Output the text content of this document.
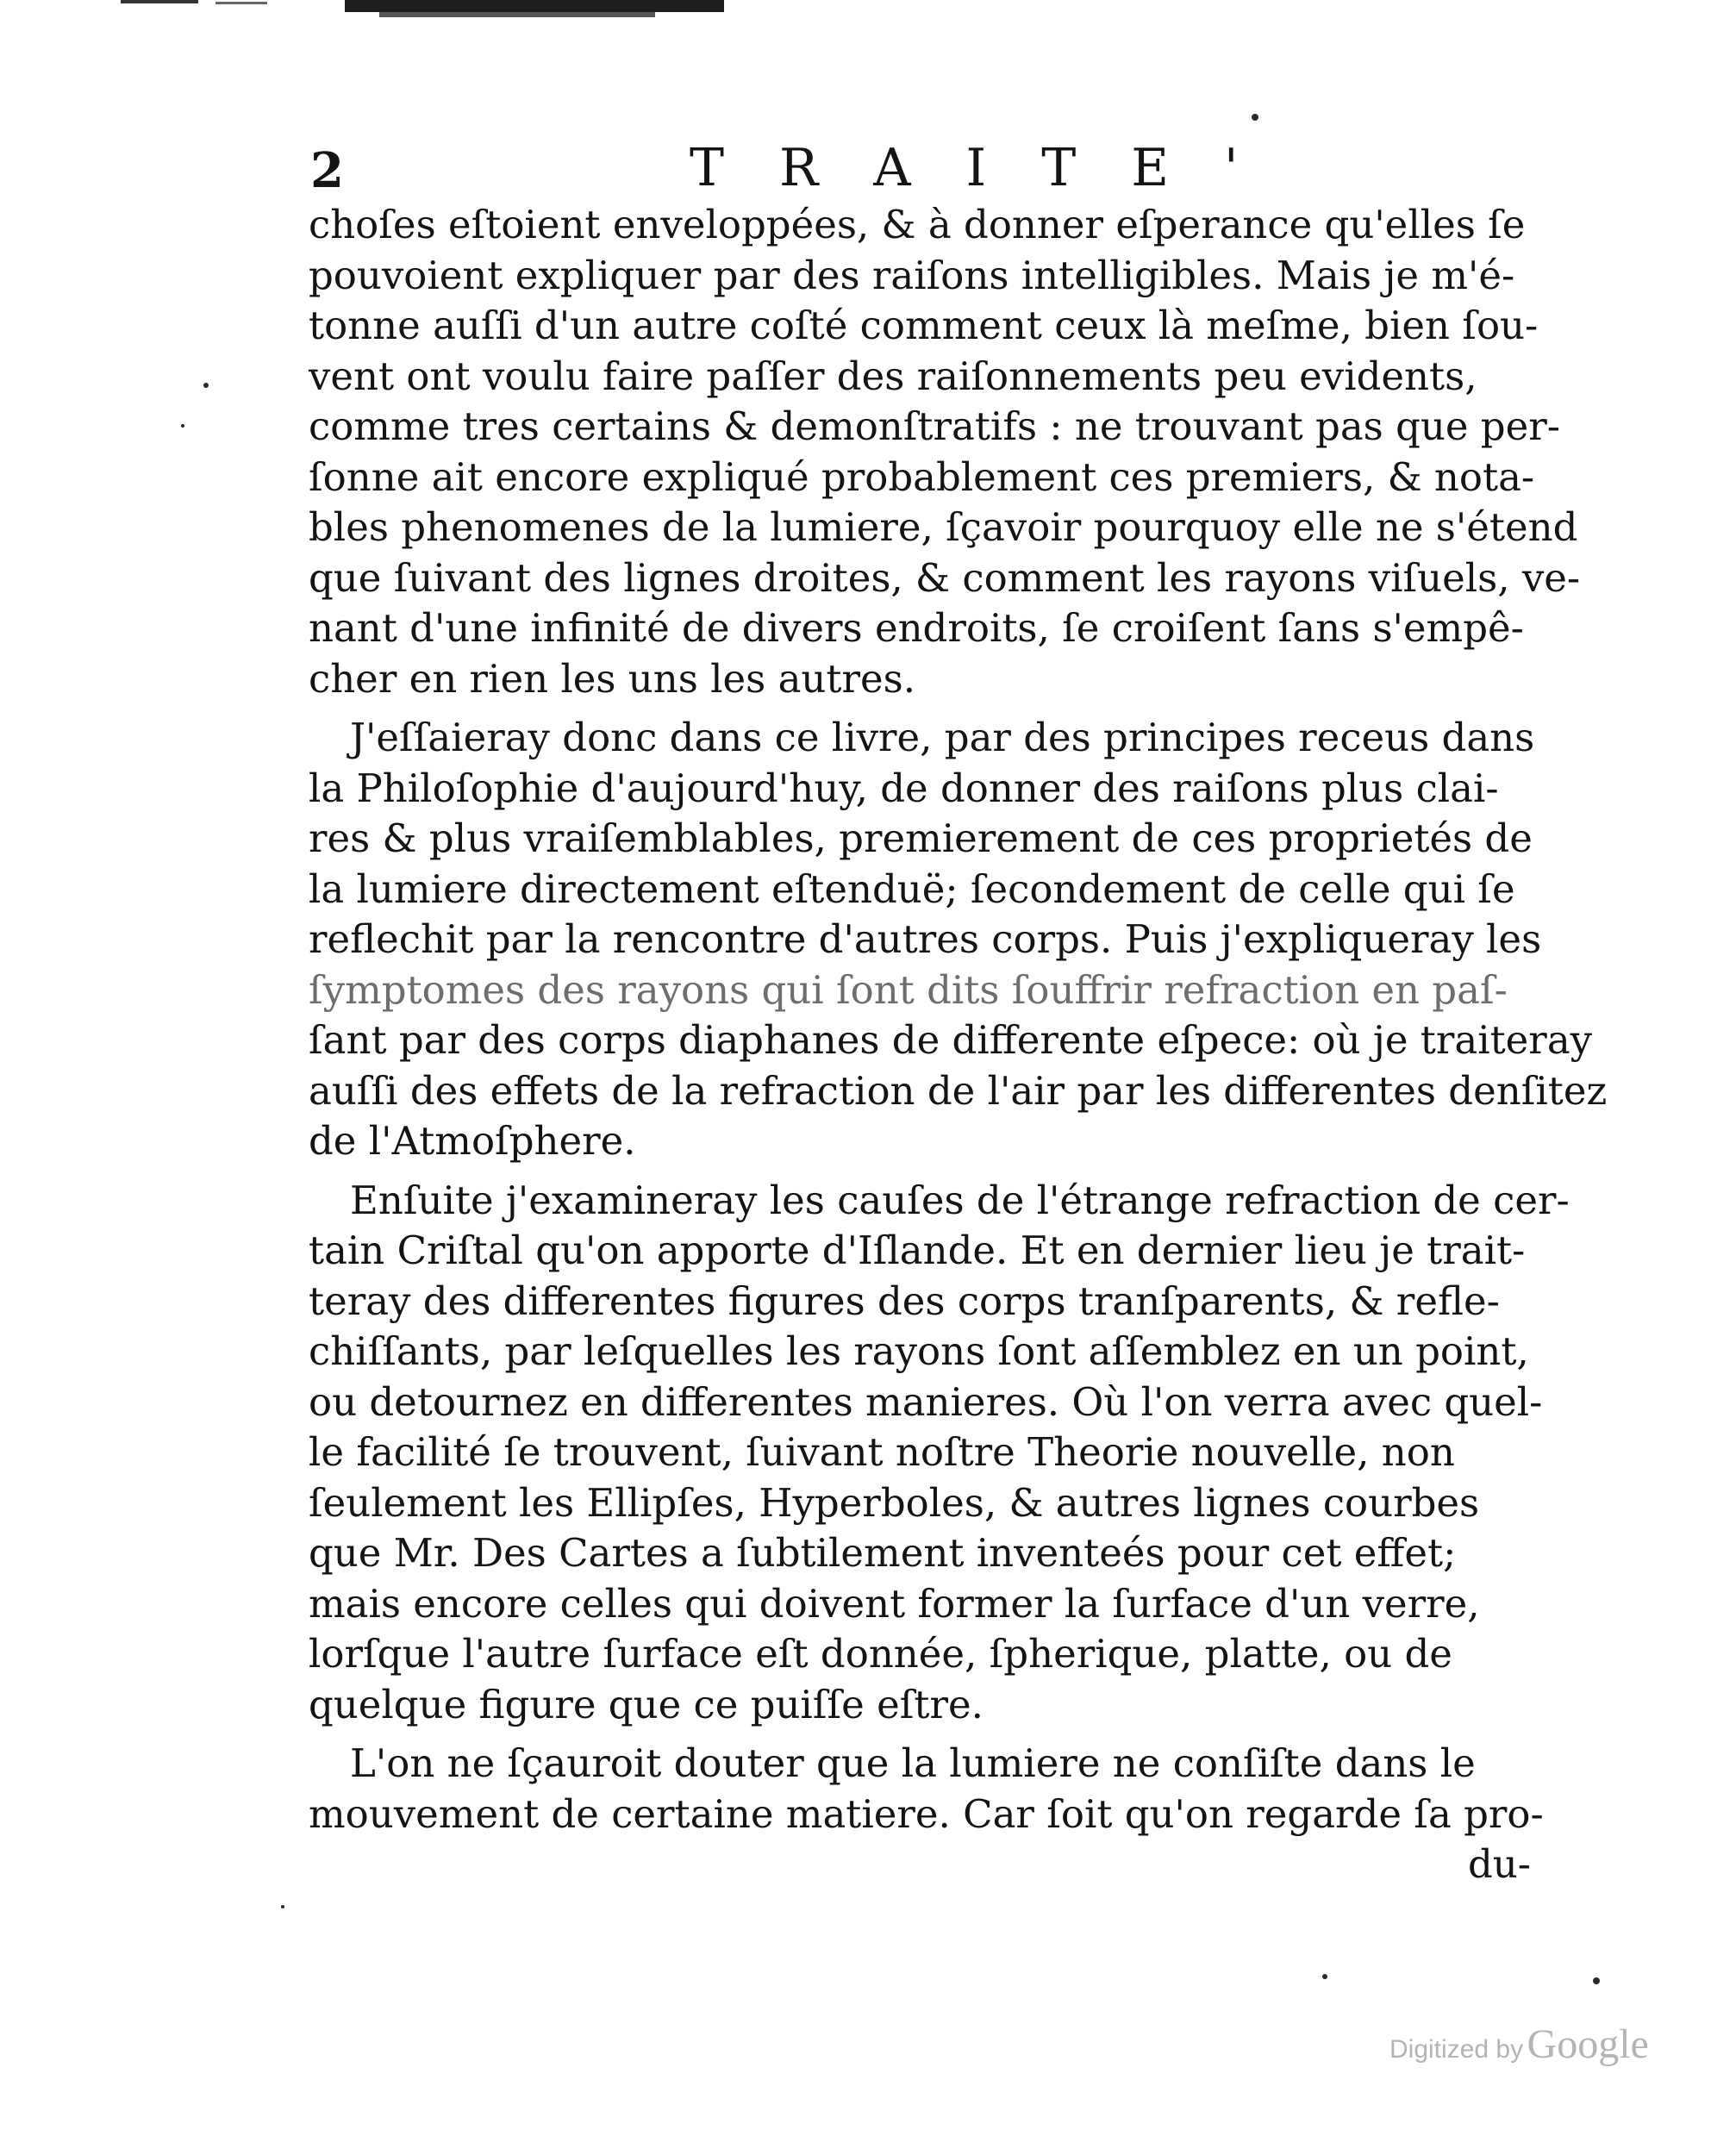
2	TRAITE'
choſes eſtoient enveloppées, & à donner eſperance qu'elles ſe
pouvoient expliquer par des raiſons intelligibles. Mais je m'é-
tonne auſſi d'un autre coſté comment ceux là meſme, bien ſou-
vent ont voulu faire paſſer des raiſonnements peu evidents,
comme tres certains & demonſtratifs : ne trouvant pas que per-
ſonne ait encore expliqué probablement ces premiers, & nota-
bles phenomenes de la lumiere, ſçavoir pourquoy elle ne s'étend
que ſuivant des lignes droites, & comment les rayons viſuels, ve-
nant d'une infinité de divers endroits, ſe croiſent ſans s'empê-
cher en rien les uns les autres.
J'eſſaieray donc dans ce livre, par des principes receus dans
la Philoſophie d'aujourd'huy, de donner des raiſons plus clai-
res & plus vraiſemblables, premierement de ces proprietés de
la lumiere directement eſtenduë; ſecondement de celle qui ſe
reflechit par la rencontre d'autres corps. Puis j'expliqueray les
ſymptomes des rayons qui ſont dits ſouffrir refraction en paſ-
ſant par des corps diaphanes de differente eſpece: où je traiteray
auſſi des effets de la refraction de l'air par les differentes denſitez
de l'Atmoſphere.
Enſuite j'examineray les cauſes de l'étrange refraction de cer-
tain Criſtal qu'on apporte d'Iſlande. Et en dernier lieu je trait-
teray des differentes figures des corps tranſparents, & refle-
chiſſants, par leſquelles les rayons ſont aſſemblez en un point,
ou detournez en differentes manieres. Où l'on verra avec quel-
le facilité ſe trouvent, ſuivant noſtre Theorie nouvelle, non
ſeulement les Ellipſes, Hyperboles, & autres lignes courbes
que Mr. Des Cartes a ſubtilement inventeés pour cet effet;
mais encore celles qui doivent former la ſurface d'un verre,
lorſque l'autre ſurface eſt donnée, ſpherique, platte, ou de
quelque figure que ce puiſſe eſtre.
L'on ne ſçauroit douter que la lumiere ne conſiſte dans le
mouvement de certaine matiere. Car ſoit qu'on regarde ſa pro-
du-
Digitized by Google
